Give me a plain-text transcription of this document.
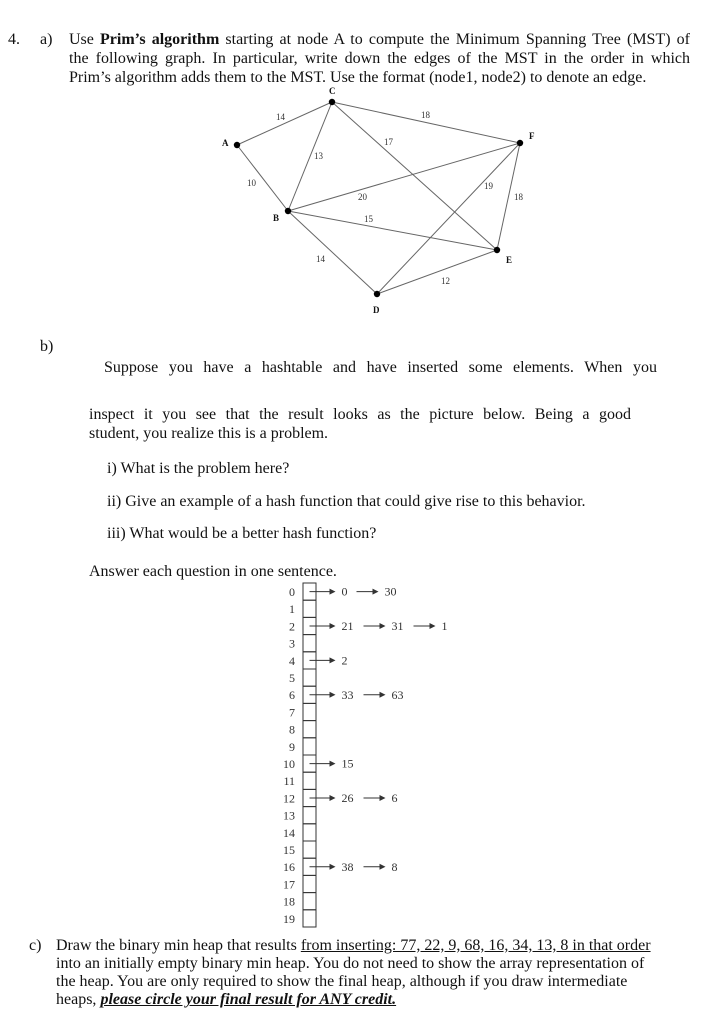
4. a) Use Prim’s algorithm starting at node A to compute the Minimum Spanning Tree (MST) of
the following graph. In particular, write down the edges of the MST in the order in which
Prim’s algorithm adds them to the MST. Use the format (node1, node2) to denote an edge.
A
B
C
D
E
F
14
10
13
18
17
20
15
14
19
12
18
b)
Suppose you have a hashtable and have inserted some elements. When you
inspect it you see that the result looks as the picture below. Being a good
student, you realize this is a problem.
i) What is the problem here?
ii) Give an example of a hash function that could give rise to this behavior.
iii) What would be a better hash function?
Answer each question in one sentence.
0
1
2
3
4
5
6
7
8
9
10
11
12
13
14
15
16
17
18
19
0	30
21	31	1
2
33	63
15
26	6
38	8
c) Draw the binary min heap that results from inserting: 77, 22, 9, 68, 16, 34, 13, 8 in that order
into an initially empty binary min heap. You do not need to show the array representation of
the heap. You are only required to show the final heap, although if you draw intermediate
heaps, please circle your final result for ANY credit.
